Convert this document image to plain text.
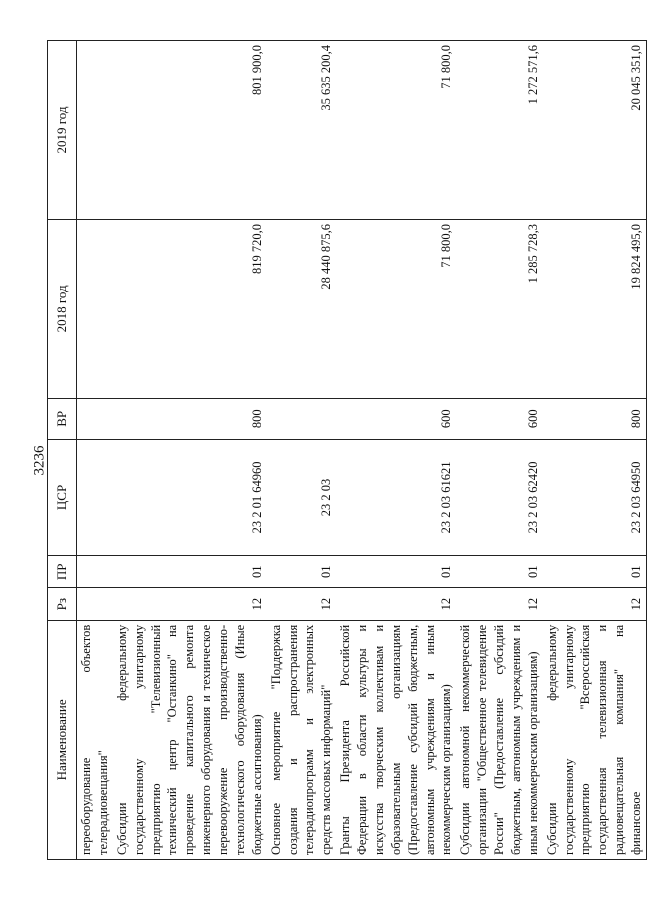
3236
Наименование	Рз	ПР	ЦСР	ВР	2018 год	2019 год
переоборудование объектов телерадиовещания"						
Субсидии федеральному государственному унитарному предприятию "Телевизионный технический центр "Останкино" на проведение капитального ремонта инженерного оборудования и техническое перевооружение производственно-технологического оборудования (Иные бюджетные ассигнования)	12	01	23 2 01 64960	800	819 720,0	801 900,0
Основное мероприятие "Поддержка создания и распространения телерадиопрограмм и электронных средств массовых информаций"	12	01	23 2 03		28 440 875,6	35 635 200,4
Гранты Президента Российской Федерации в области культуры и искусства творческим коллективам и образовательным организациям (Предоставление субсидий бюджетным, автономным учреждениям и иным некоммерческим организациям)	12	01	23 2 03 61621	600	71 800,0	71 800,0
Субсидии автономной некоммерческой организации "Общественное телевидение России" (Предоставление субсидий бюджетным, автономным учреждениям и иным некоммерческим организациям)	12	01	23 2 03 62420	600	1 285 728,3	1 272 571,6
Субсидии федеральному государственному унитарному предприятию "Всероссийская государственная телевизионная и радиовещательная компания" на финансовое	12	01	23 2 03 64950	800	19 824 495,0	20 045 351,0
